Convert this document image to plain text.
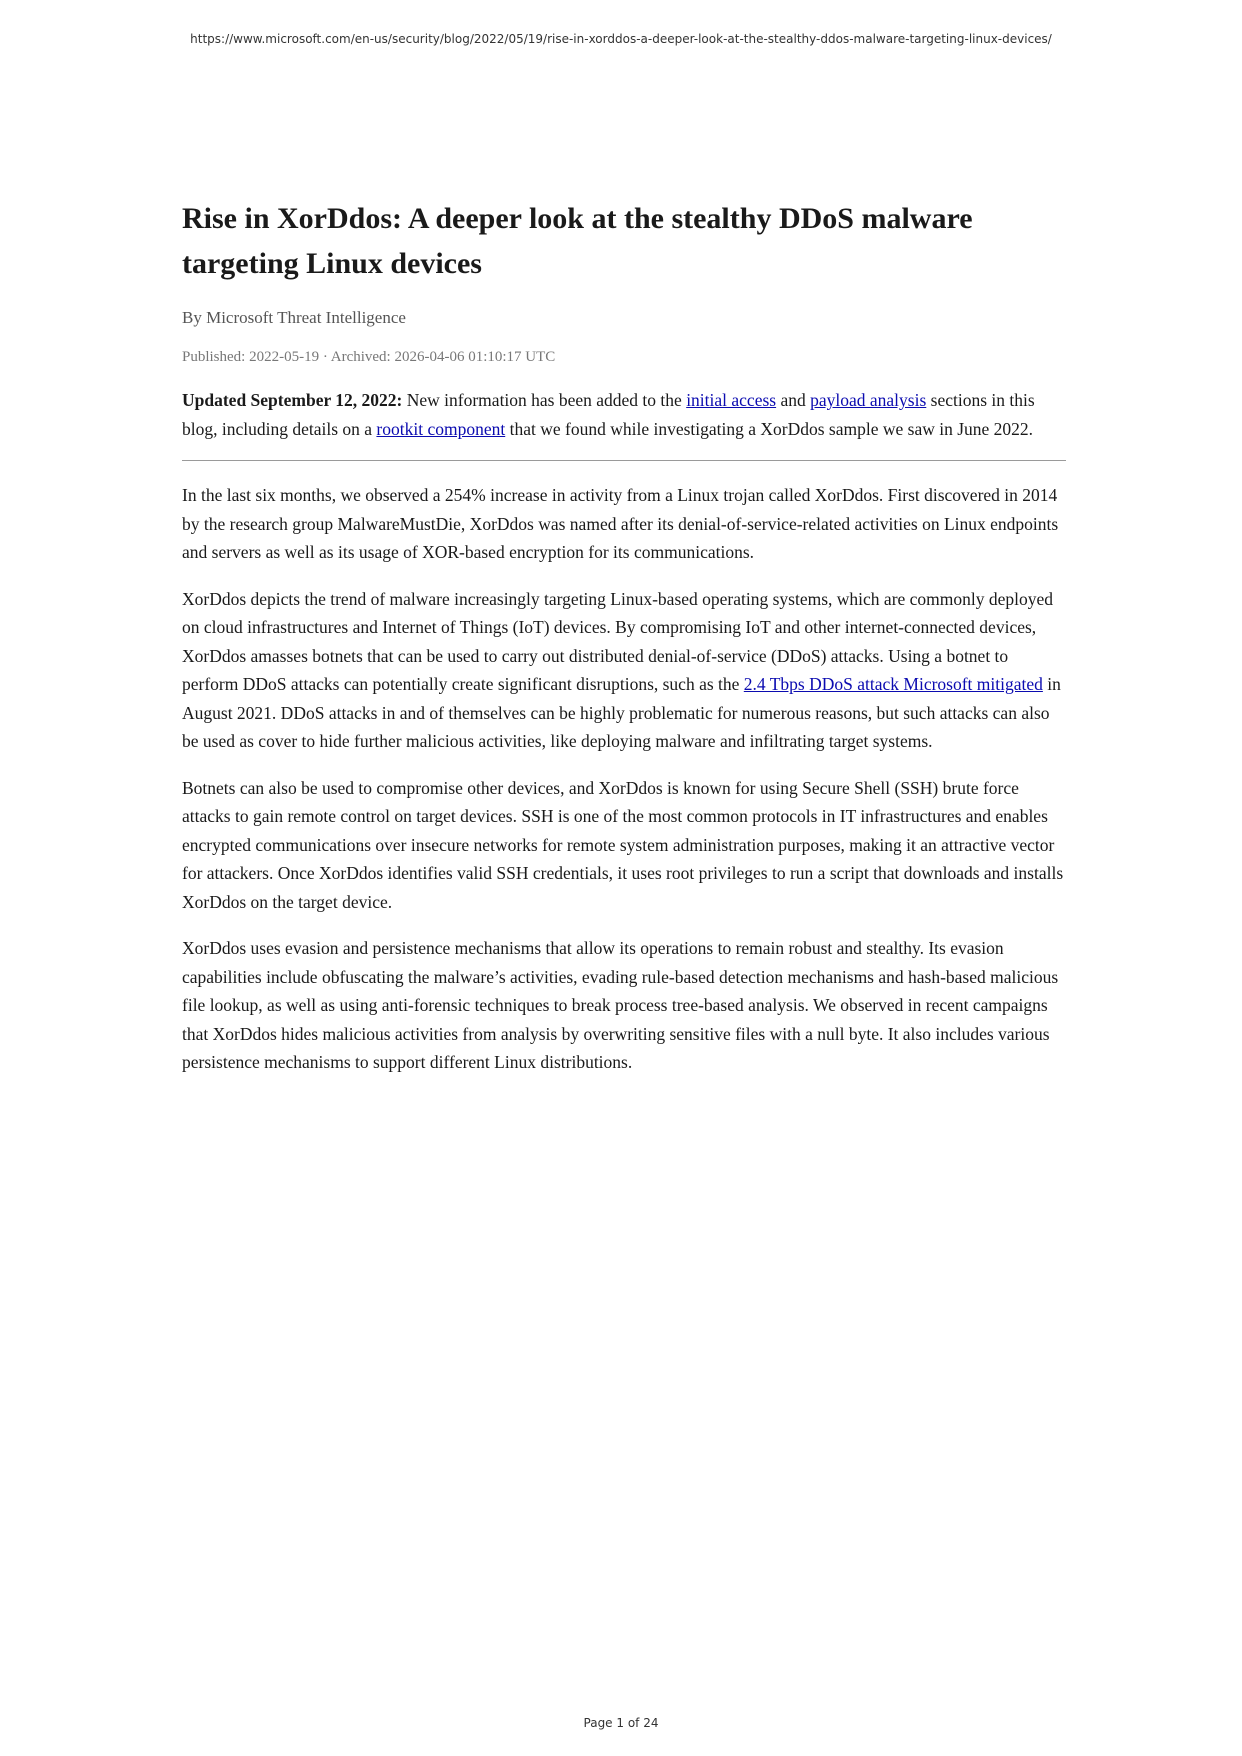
https://www.microsoft.com/en-us/security/blog/2022/05/19/rise-in-xorddos-a-deeper-look-at-the-stealthy-ddos-malware-targeting-linux-devices/
Rise in XorDdos: A deeper look at the stealthy DDoS malware targeting Linux devices

By Microsoft Threat Intelligence

Published: 2022-05-19 · Archived: 2026-04-06 01:10:17 UTC

Updated September 12, 2022: New information has been added to the initial access and payload analysis sections in this blog, including details on a rootkit component that we found while investigating a XorDdos sample we saw in June 2022.

In the last six months, we observed a 254% increase in activity from a Linux trojan called XorDdos. First discovered in 2014 by the research group MalwareMustDie, XorDdos was named after its denial-of-service-related activities on Linux endpoints and servers as well as its usage of XOR-based encryption for its communications.

XorDdos depicts the trend of malware increasingly targeting Linux-based operating systems, which are commonly deployed on cloud infrastructures and Internet of Things (IoT) devices. By compromising IoT and other internet-connected devices, XorDdos amasses botnets that can be used to carry out distributed denial-of-service (DDoS) attacks. Using a botnet to perform DDoS attacks can potentially create significant disruptions, such as the 2.4 Tbps DDoS attack Microsoft mitigated in August 2021. DDoS attacks in and of themselves can be highly problematic for numerous reasons, but such attacks can also be used as cover to hide further malicious activities, like deploying malware and infiltrating target systems.

Botnets can also be used to compromise other devices, and XorDdos is known for using Secure Shell (SSH) brute force attacks to gain remote control on target devices. SSH is one of the most common protocols in IT infrastructures and enables encrypted communications over insecure networks for remote system administration purposes, making it an attractive vector for attackers. Once XorDdos identifies valid SSH credentials, it uses root privileges to run a script that downloads and installs XorDdos on the target device.

XorDdos uses evasion and persistence mechanisms that allow its operations to remain robust and stealthy. Its evasion capabilities include obfuscating the malware’s activities, evading rule-based detection mechanisms and hash-based malicious file lookup, as well as using anti-forensic techniques to break process tree-based analysis. We observed in recent campaigns that XorDdos hides malicious activities from analysis by overwriting sensitive files with a null byte. It also includes various persistence mechanisms to support different Linux distributions.

Page 1 of 24
